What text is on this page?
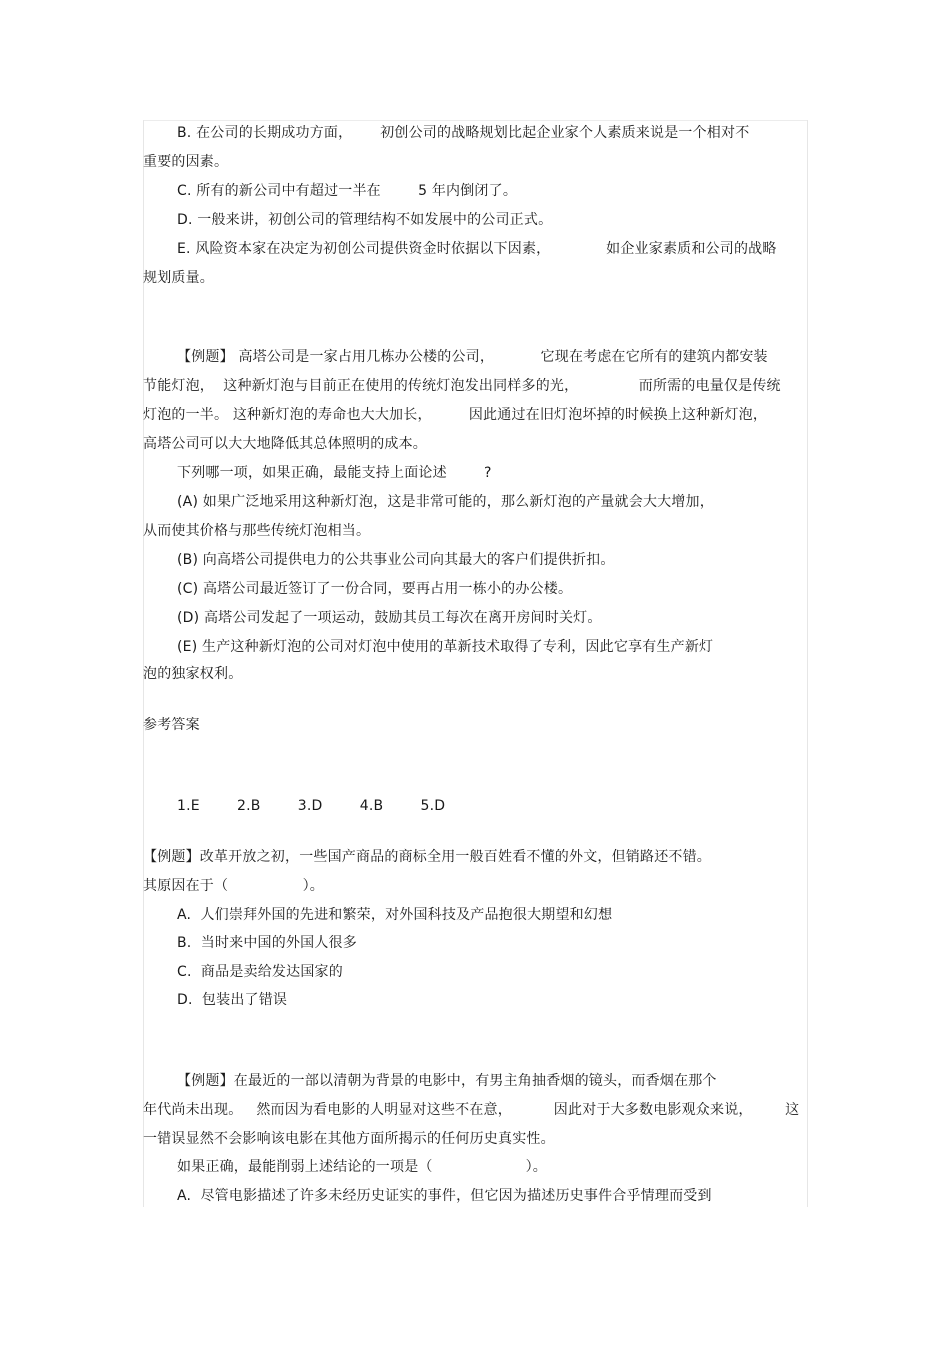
B. 在公司的长期成功方面，      初创公司的战略规划比起企业家个人素质来说是一个相对不
重要的因素。
C. 所有的新公司中有超过一半在        5 年内倒闭了。
D. 一般来讲，初创公司的管理结构不如发展中的公司正式。
E. 风险资本家在决定为初创公司提供资金时依据以下因素，            如企业家素质和公司的战略
规划质量。
【例题】 高塔公司是一家占用几栋办公楼的公司，          它现在考虑在它所有的建筑内都安装
节能灯泡，  这种新灯泡与目前正在使用的传统灯泡发出同样多的光，             而所需的电量仅是传统
灯泡的一半。 这种新灯泡的寿命也大大加长，        因此通过在旧灯泡坏掉的时候换上这种新灯泡，
高塔公司可以大大地降低其总体照明的成本。
下列哪一项，如果正确，最能支持上面论述        ?
(A) 如果广泛地采用这种新灯泡，这是非常可能的，那么新灯泡的产量就会大大增加，
从而使其价格与那些传统灯泡相当。
(B) 向高塔公司提供电力的公共事业公司向其最大的客户们提供折扣。
(C) 高塔公司最近签订了一份合同，要再占用一栋小的办公楼。
(D) 高塔公司发起了一项运动，鼓励其员工每次在离开房间时关灯。
(E) 生产这种新灯泡的公司对灯泡中使用的革新技术取得了专利，因此它享有生产新灯
泡的独家权利。
参考答案
1.E        2.B        3.D        4.B        5.D
【例题】改革开放之初，一些国产商品的商标全用一般百姓看不懂的外文，但销路还不错。
其原因在于（                ）。
A.  人们崇拜外国的先进和繁荣，对外国科技及产品抱很大期望和幻想
B.  当时来中国的外国人很多
C.  商品是卖给发达国家的
D.  包装出了错误
【例题】在最近的一部以清朝为背景的电影中，有男主角抽香烟的镜头，而香烟在那个
年代尚未出现。   然而因为看电影的人明显对这些不在意，         因此对于大多数电影观众来说，       这
一错误显然不会影响该电影在其他方面所揭示的任何历史真实性。
如果正确，最能削弱上述结论的一项是（                    ）。
A.  尽管电影描述了许多未经历史证实的事件，但它因为描述历史事件合乎情理而受到
